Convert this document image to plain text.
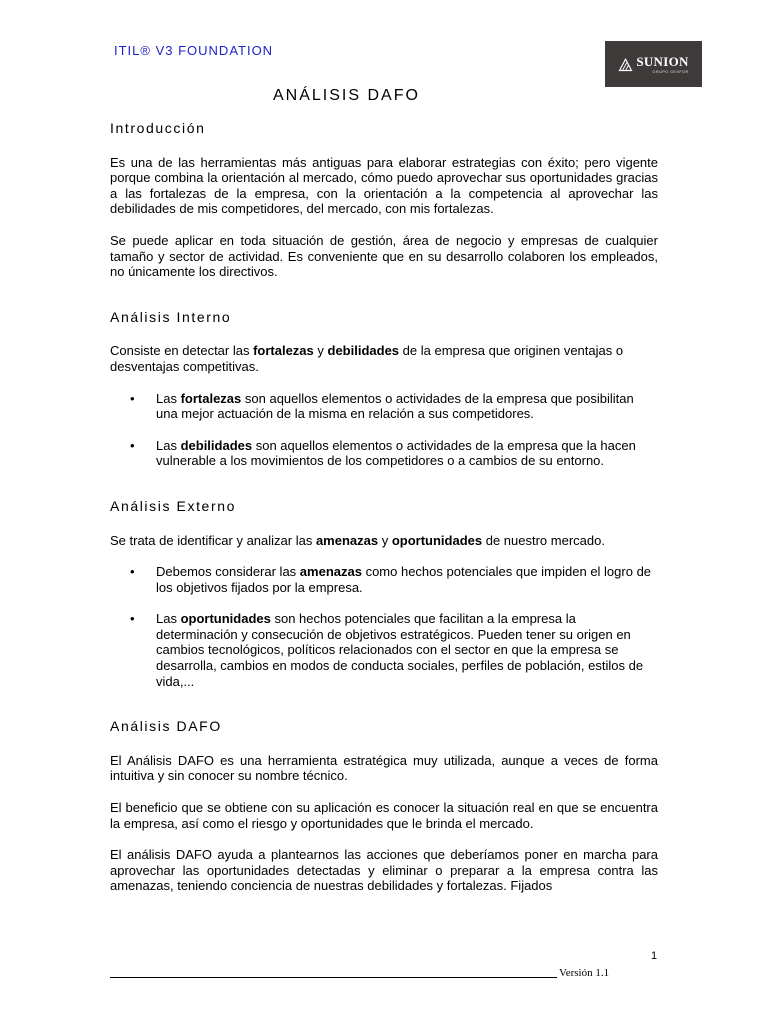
ITIL® V3 FOUNDATION
SUNION
GRUPO GESFOR
ANÁLISIS DAFO
Introducción

Es una de las herramientas más antiguas para elaborar estrategias con éxito; pero vigente porque combina la orientación al mercado, cómo puedo aprovechar sus oportunidades gracias a las fortalezas de la empresa, con la orientación a la competencia al aprovechar las debilidades de mis competidores, del mercado, con mis fortalezas.

Se puede aplicar en toda situación de gestión, área de negocio y empresas de cualquier tamaño y sector de actividad. Es conveniente que en su desarrollo colaboren los empleados, no únicamente los directivos.

Análisis Interno

Consiste en detectar las fortalezas y debilidades de la empresa que originen ventajas o desventajas competitivas.

• Las fortalezas son aquellos elementos o actividades de la empresa que posibilitan una mejor actuación de la misma en relación a sus competidores.
• Las debilidades son aquellos elementos o actividades de la empresa que la hacen vulnerable a los movimientos de los competidores o a cambios de su entorno.
Análisis Externo

Se trata de identificar y analizar las amenazas y oportunidades de nuestro mercado.

• Debemos considerar las amenazas como hechos potenciales que impiden el logro de los objetivos fijados por la empresa.
• Las oportunidades son hechos potenciales que facilitan a la empresa la determinación y consecución de objetivos estratégicos. Pueden tener su origen en cambios tecnológicos, políticos relacionados con el sector en que la empresa se desarrolla, cambios en modos de conducta sociales, perfiles de población, estilos de vida,...
Análisis DAFO

El Análisis DAFO es una herramienta estratégica muy utilizada, aunque a veces de forma intuitiva y sin conocer su nombre técnico.

El beneficio que se obtiene con su aplicación es conocer la situación real en que se encuentra la empresa, así como el riesgo y oportunidades que le brinda el mercado.

El análisis DAFO ayuda a plantearnos las acciones que deberíamos poner en marcha para aprovechar las oportunidades detectadas y eliminar o preparar a la empresa contra las amenazas, teniendo conciencia de nuestras debilidades y fortalezas. Fijados

1
Versión 1.1
